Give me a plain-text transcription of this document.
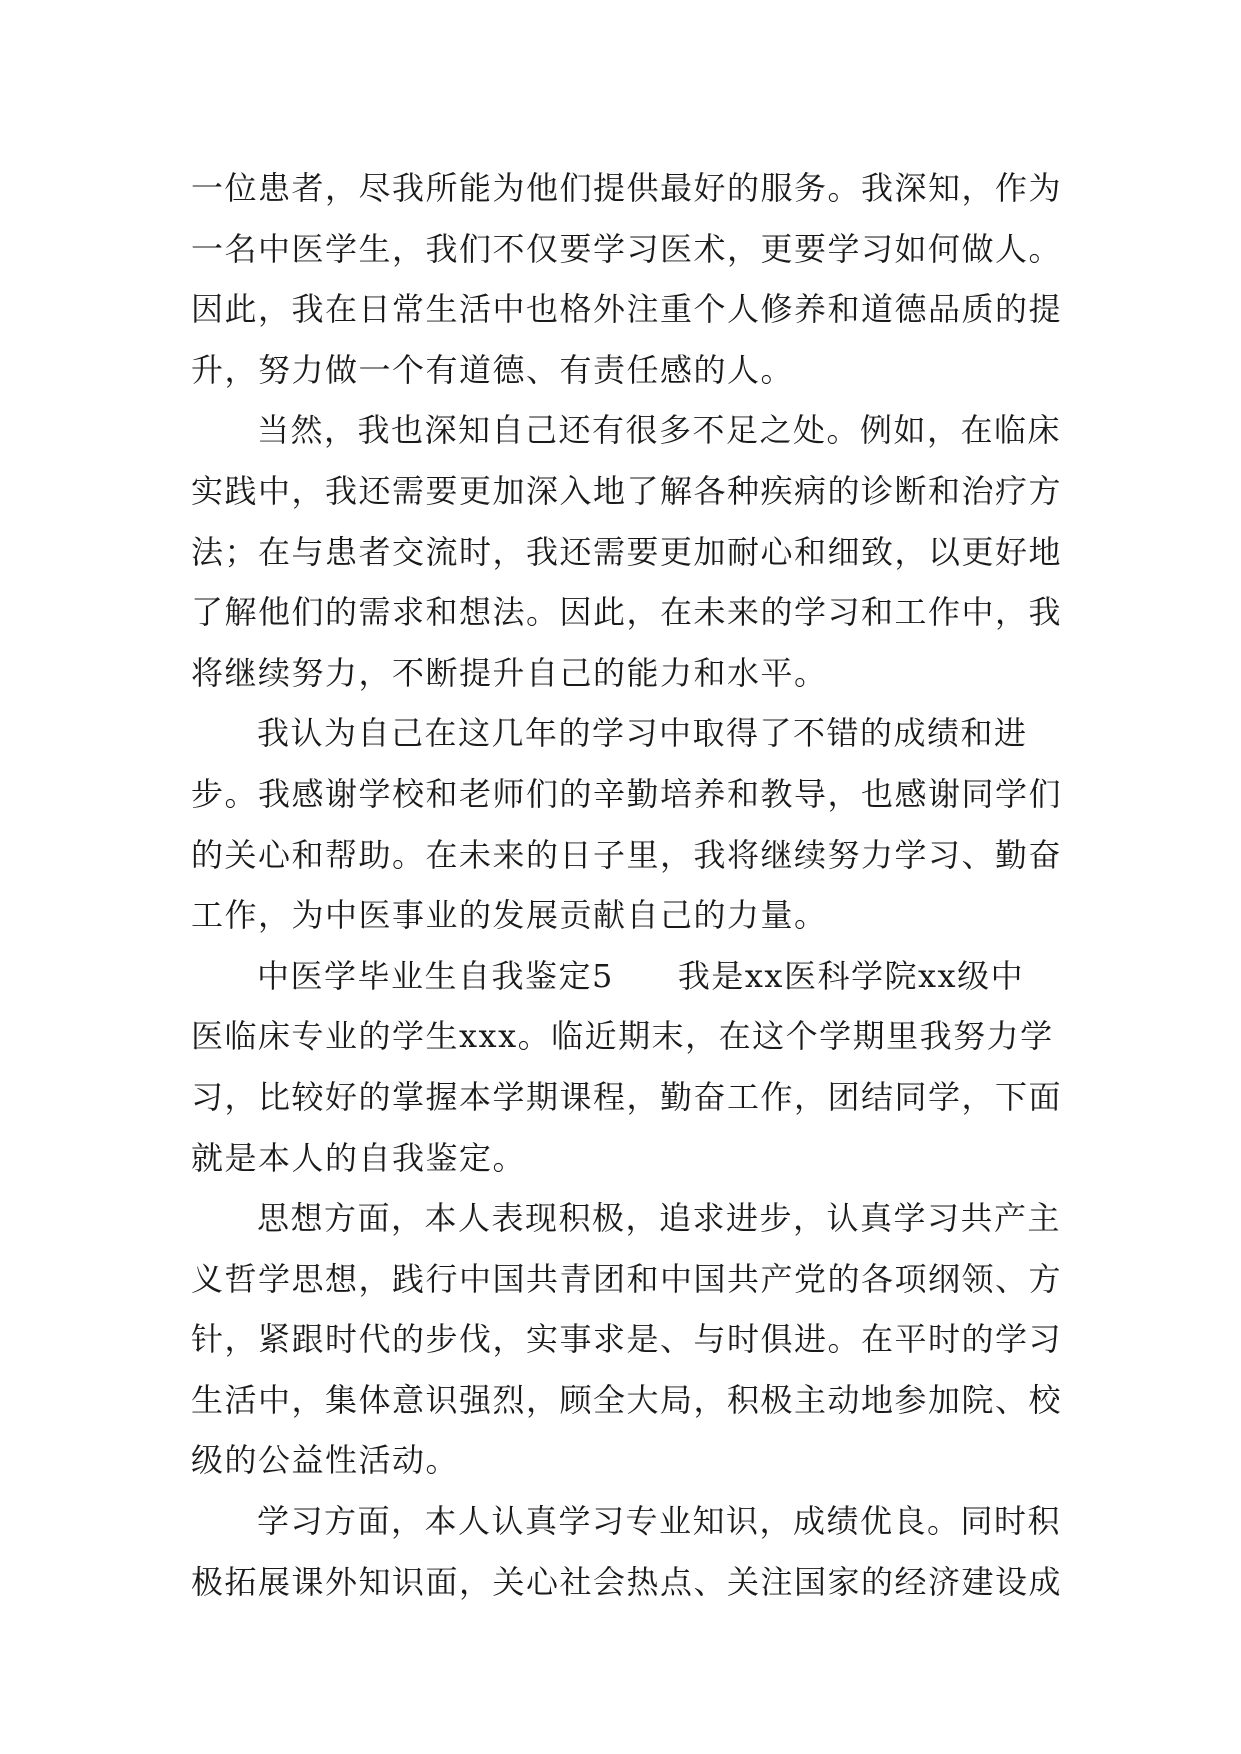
一位患者，尽我所能为他们提供最好的服务。我深知，作为
一名中医学生，我们不仅要学习医术，更要学习如何做人。
因此，我在日常生活中也格外注重个人修养和道德品质的提
升，努力做一个有道德、有责任感的人。
当然，我也深知自己还有很多不足之处。例如，在临床
实践中，我还需要更加深入地了解各种疾病的诊断和治疗方
法；在与患者交流时，我还需要更加耐心和细致，以更好地
了解他们的需求和想法。因此，在未来的学习和工作中，我
将继续努力，不断提升自己的能力和水平。
我认为自己在这几年的学习中取得了不错的成绩和进
步。我感谢学校和老师们的辛勤培养和教导，也感谢同学们
的关心和帮助。在未来的日子里，我将继续努力学习、勤奋
工作，为中医事业的发展贡献自己的力量。
中医学毕业生自我鉴定5 我是xx医科学院xx级中
医临床专业的学生xxx。临近期末，在这个学期里我努力学
习，比较好的掌握本学期课程，勤奋工作，团结同学，下面
就是本人的自我鉴定。
思想方面，本人表现积极，追求进步，认真学习共产主
义哲学思想，践行中国共青团和中国共产党的各项纲领、方
针，紧跟时代的步伐，实事求是、与时俱进。在平时的学习
生活中，集体意识强烈，顾全大局，积极主动地参加院、校
级的公益性活动。
学习方面，本人认真学习专业知识，成绩优良。同时积
极拓展课外知识面，关心社会热点、关注国家的经济建设成
